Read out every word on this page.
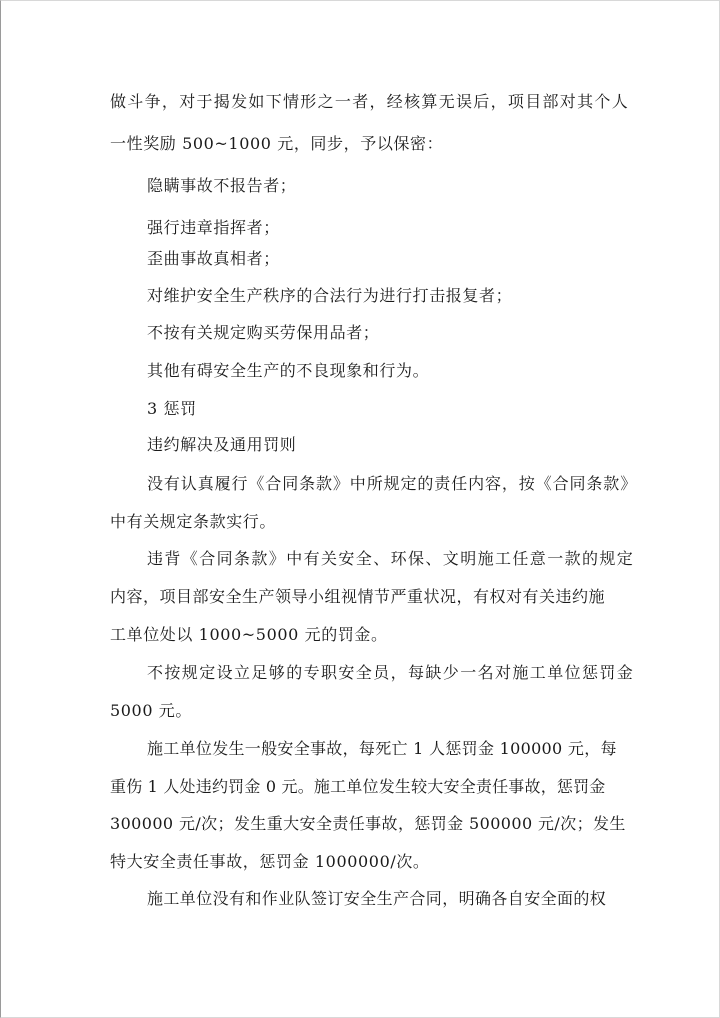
做斗争，对于揭发如下情形之一者，经核算无误后，项目部对其个人
一性奖励 500~1000 元，同步，予以保密：
隐瞒事故不报告者；
强行违章指挥者；
歪曲事故真相者；
对维护安全生产秩序的合法行为进行打击报复者；
不按有关规定购买劳保用品者；
其他有碍安全生产的不良现象和行为。
3 惩罚
违约解决及通用罚则
没有认真履行《合同条款》中所规定的责任内容，按《合同条款》
中有关规定条款实行。
违背《合同条款》中有关安全、环保、文明施工任意一款的规定
内容，项目部安全生产领导小组视情节严重状况，有权对有关违约施
工单位处以 1000~5000 元的罚金。
不按规定设立足够的专职安全员，每缺少一名对施工单位惩罚金
5000 元。
施工单位发生一般安全事故，每死亡 1 人惩罚金 100000 元，每
重伤 1 人处违约罚金 0 元。施工单位发生较大安全责任事故，惩罚金
300000 元/次；发生重大安全责任事故，惩罚金 500000 元/次；发生
特大安全责任事故，惩罚金 1000000/次。
施工单位没有和作业队签订安全生产合同，明确各自安全面的权
